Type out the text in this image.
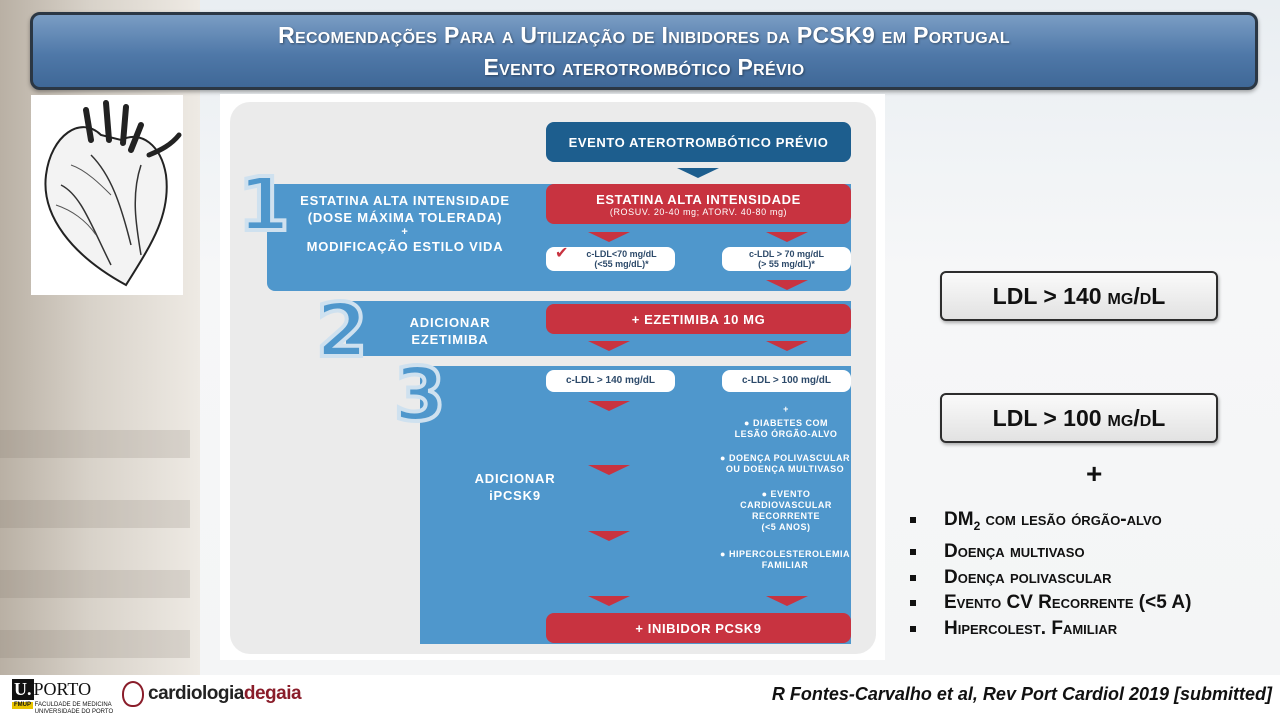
Recomendações Para a Utilização de Inibidores da PCSK9 em Portugal
Evento aterotrombótico Prévio
1
2
3
EVENTO ATEROTROMBÓTICO PRÉVIO
ESTATINA ALTA INTENSIDADE
(DOSE MÁXIMA TOLERADA)
+
MODIFICAÇÃO ESTILO VIDA
ESTATINA ALTA INTENSIDADE
(ROSUV. 20-40 mg; ATORV. 40-80 mg)
✔	c-LDL<70 mg/dL
(<55 mg/dL)*
c-LDL > 70 mg/dL
(> 55 mg/dL)*
ADICIONAR
EZETIMIBA
+ EZETIMIBA 10 MG
c-LDL > 140 mg/dL	c-LDL > 100 mg/dL
+
● DIABETES COM
LESÃO ÓRGÃO-ALVO
● DOENÇA POLIVASCULAR
OU DOENÇA MULTIVASO
● EVENTO
CARDIOVASCULAR
RECORRENTE
(<5 ANOS)
● HIPERCOLESTEROLEMIA
FAMILIAR
ADICIONAR
iPCSK9
+ INIBIDOR PCSK9
LDL > 140 mg/dL
LDL > 100 mg/dL
+
$DM_2$ com lesão órgão-alvo
Doença multivaso
Doença polivascular
Evento CV Recorrente (<5 A)
Hipercolest. Familiar
U. PORTO
FMUP FACULDADE DE MEDICINA
UNIVERSIDADE DO PORTO
cardiologiadegaia	R Fontes-Carvalho et al, Rev Port Cardiol 2019 [submitted]
